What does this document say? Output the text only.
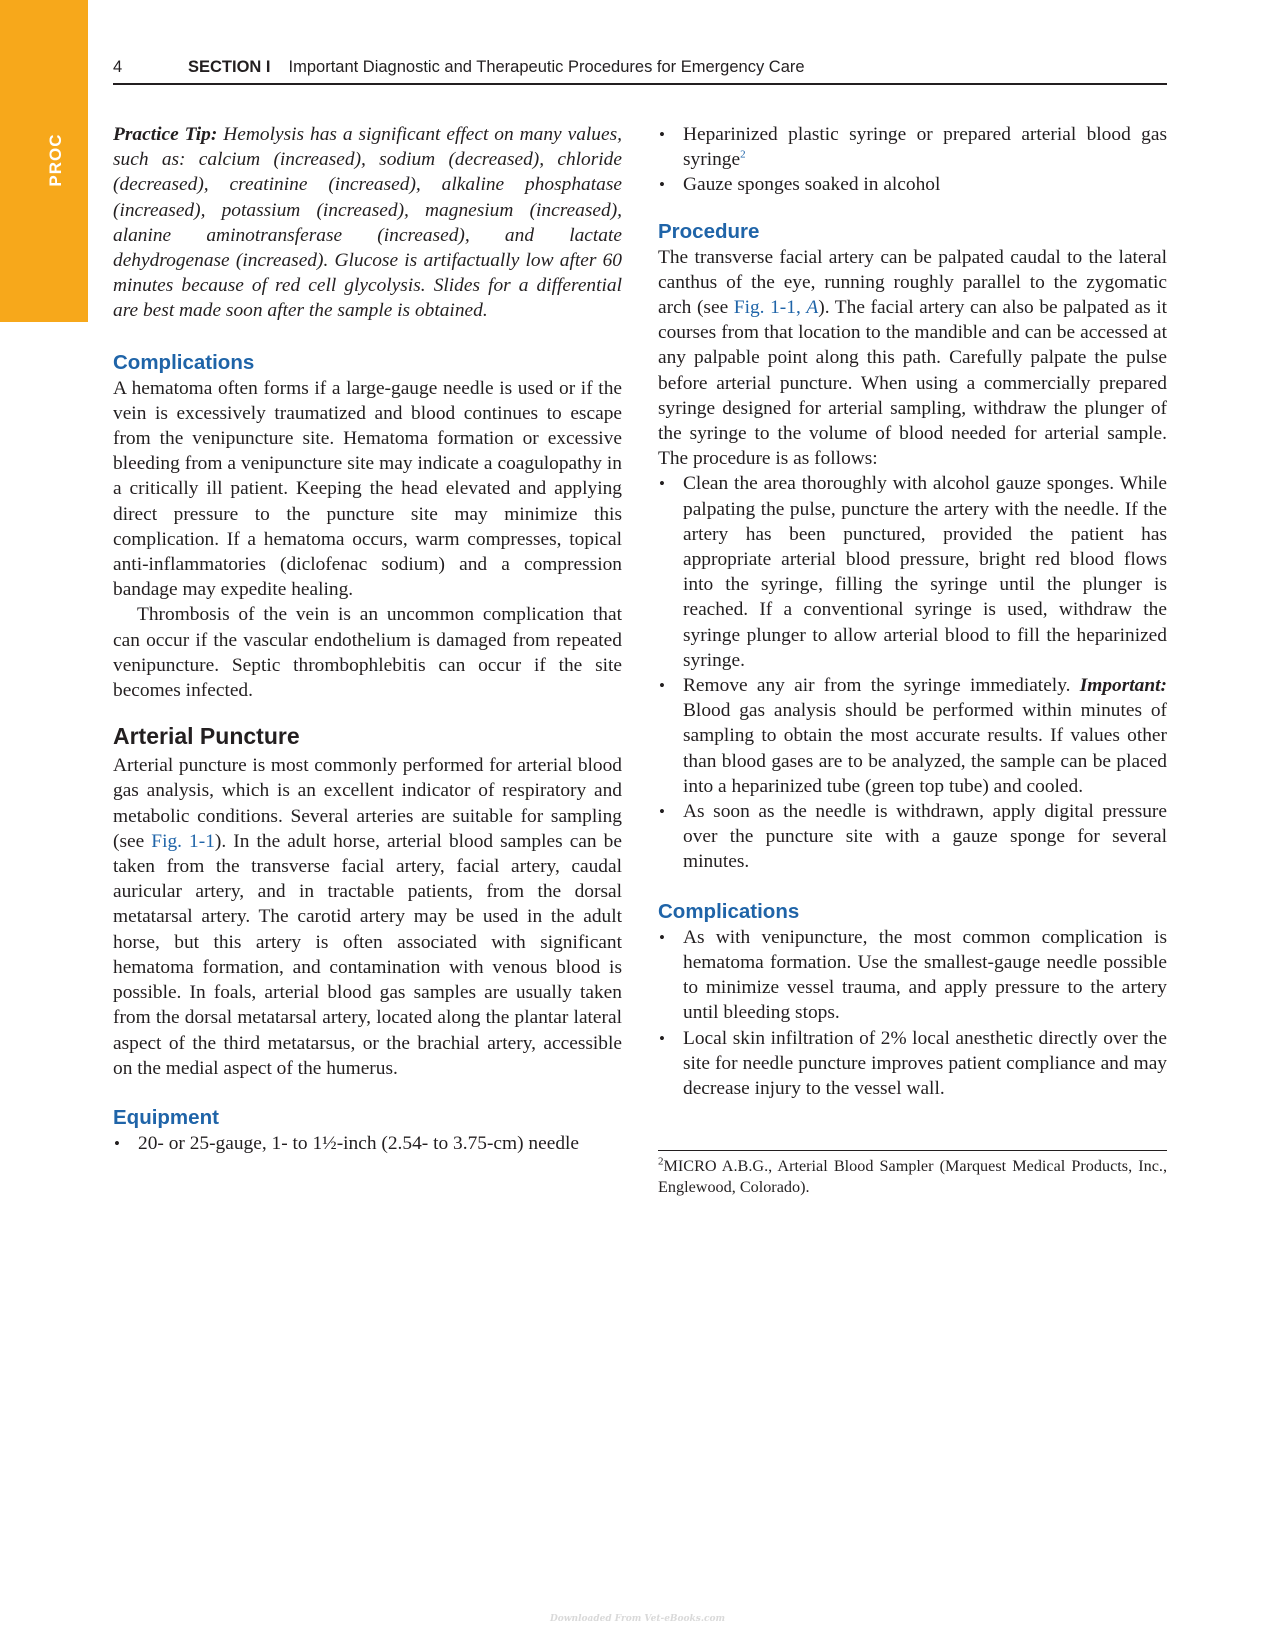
PROC
4	SECTION I Important Diagnostic and Therapeutic Procedures for Emergency Care

Practice Tip: Hemolysis has a significant effect on many values, such as: calcium (increased), sodium (decreased), chloride (decreased), creatinine (increased), alkaline phosphatase (increased), potassium (increased), magnesium (increased), alanine aminotransferase (increased), and lactate dehydrogenase (increased). Glucose is artifactually low after 60 minutes because of red cell glycolysis. Slides for a differential are best made soon after the sample is obtained.

Complications

A hematoma often forms if a large-gauge needle is used or if the vein is excessively traumatized and blood continues to escape from the venipuncture site. Hematoma formation or excessive bleeding from a venipuncture site may indicate a coagulopathy in a critically ill patient. Keeping the head elevated and applying direct pressure to the puncture site may minimize this complication. If a hematoma occurs, warm compresses, topical anti-inflammatories (diclofenac sodium) and a compression bandage may expedite healing.

Thrombosis of the vein is an uncommon complication that can occur if the vascular endothelium is damaged from repeated venipuncture. Septic thrombophlebitis can occur if the site becomes infected.

Arterial Puncture

Arterial puncture is most commonly performed for arterial blood gas analysis, which is an excellent indicator of respiratory and metabolic conditions. Several arteries are suitable for sampling (see Fig. 1-1). In the adult horse, arterial blood samples can be taken from the transverse facial artery, facial artery, caudal auricular artery, and in tractable patients, from the dorsal metatarsal artery. The carotid artery may be used in the adult horse, but this artery is often associated with significant hematoma formation, and contamination with venous blood is possible. In foals, arterial blood gas samples are usually taken from the dorsal metatarsal artery, located along the plantar lateral aspect of the third metatarsus, or the brachial artery, accessible on the medial aspect of the humerus.

Equipment
• 20- or 25-gauge, 1- to 1½-inch (2.54- to 3.75-cm) needle
• Heparinized plastic syringe or prepared arterial blood gas syringe$^2$
• Gauze sponges soaked in alcohol
Procedure

The transverse facial artery can be palpated caudal to the lateral canthus of the eye, running roughly parallel to the zygomatic arch (see Fig. 1-1, A). The facial artery can also be palpated as it courses from that location to the mandible and can be accessed at any palpable point along this path. Carefully palpate the pulse before arterial puncture. When using a commercially prepared syringe designed for arterial sampling, withdraw the plunger of the syringe to the volume of blood needed for arterial sample. The procedure is as follows:

• Clean the area thoroughly with alcohol gauze sponges. While palpating the pulse, puncture the artery with the needle. If the artery has been punctured, provided the patient has appropriate arterial blood pressure, bright red blood flows into the syringe, filling the syringe until the plunger is reached. If a conventional syringe is used, withdraw the syringe plunger to allow arterial blood to fill the heparinized syringe.
• Remove any air from the syringe immediately. Important: Blood gas analysis should be performed within minutes of sampling to obtain the most accurate results. If values other than blood gases are to be analyzed, the sample can be placed into a heparinized tube (green top tube) and cooled.
• As soon as the needle is withdrawn, apply digital pressure over the puncture site with a gauze sponge for several minutes.
Complications
• As with venipuncture, the most common complication is hematoma formation. Use the smallest-gauge needle possible to minimize vessel trauma, and apply pressure to the artery until bleeding stops.
• Local skin infiltration of 2% local anesthetic directly over the site for needle puncture improves patient compliance and may decrease injury to the vessel wall.
$^2$MICRO A.B.G., Arterial Blood Sampler (Marquest Medical Products, Inc., Englewood, Colorado).
Downloaded From Vet-eBooks.com
